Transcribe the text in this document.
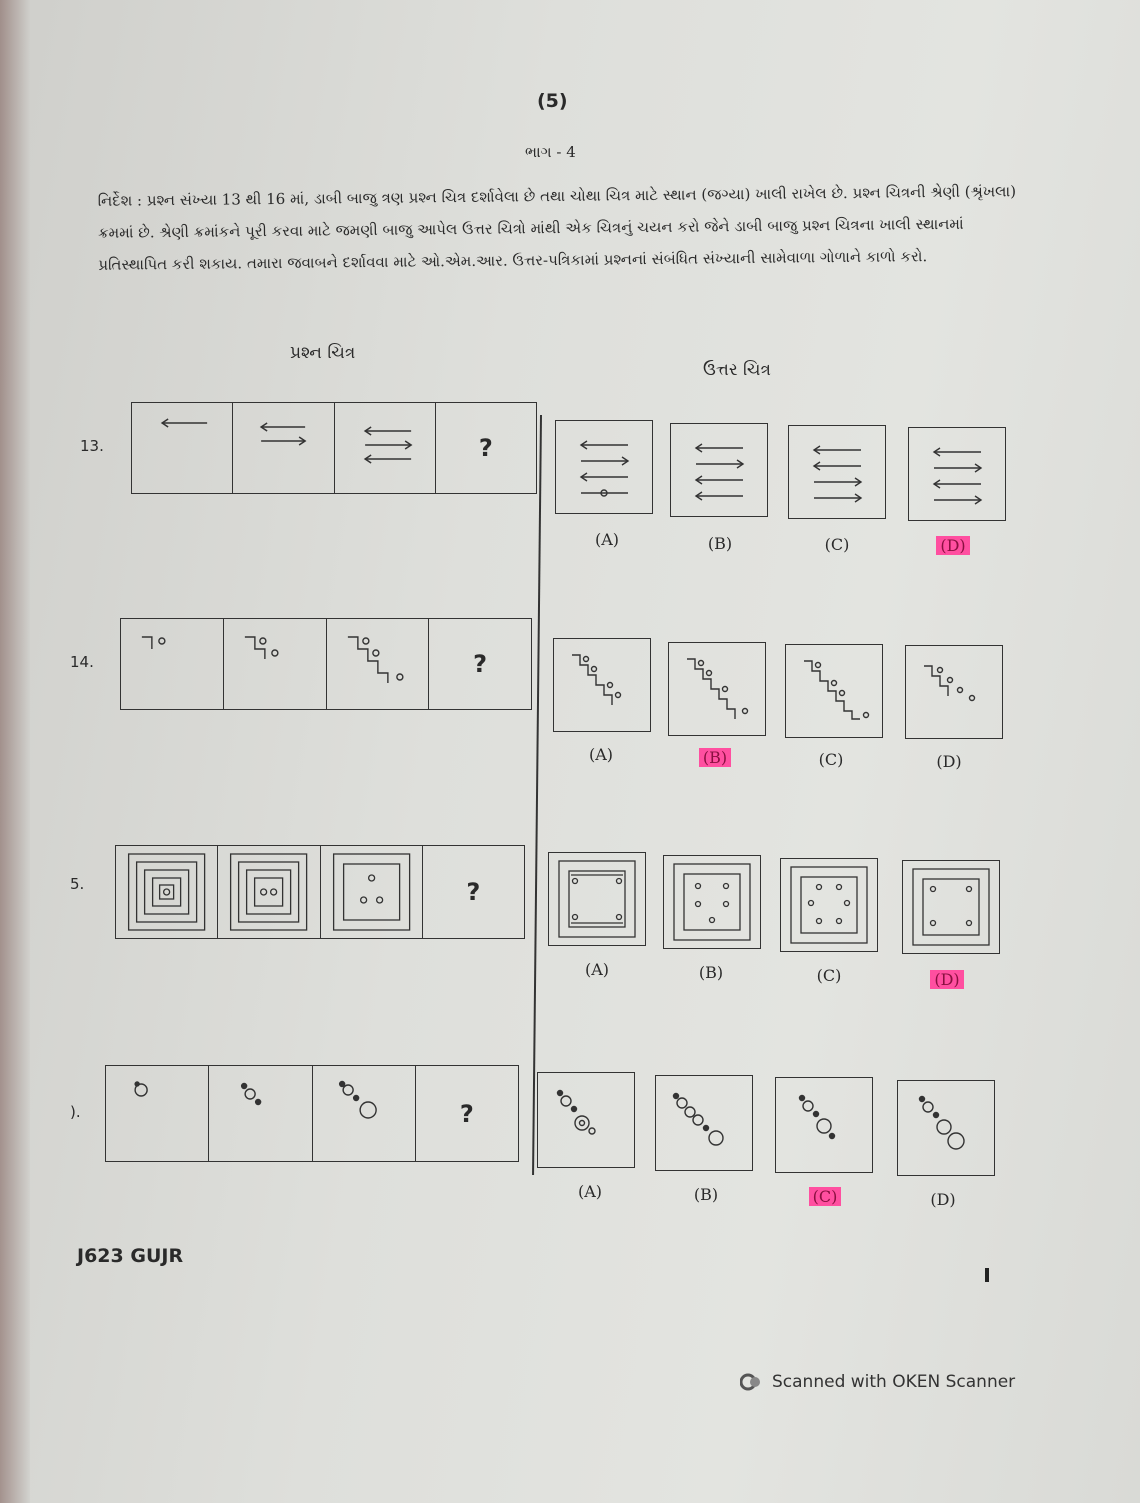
(5)
ભાગ - 4
નિર્દેશ : પ્રશ્ન સંખ્યા 13 થી 16 માં, ડાબી બાજુ ત્રણ પ્રશ્ન ચિત્ર દર્શાવેલા છે તથા ચોથા ચિત્ર માટે સ્થાન (જગ્યા) ખાલી રાખેલ છે. પ્રશ્ન ચિત્રની શ્રેણી (શ્રૃંખલા) ક્રમમાં છે. શ્રેણી ક્રમાંકને પૂરી કરવા માટે જમણી બાજુ આપેલ ઉત્તર ચિત્રો માંથી એક ચિત્રનું ચયન કરો જેને ડાબી બાજુ પ્રશ્ન ચિત્રના ખાલી સ્થાનમાં પ્રતિસ્થાપિત કરી શકાય. તમારા જવાબને દર્શાવવા માટે ઓ.એમ.આર. ઉત્તર-પત્રિકામાં પ્રશ્નનાં સંબંધિત સંખ્યાની સામેવાળા ગોળાને કાળો કરો.
પ્રશ્ન ચિત્ર
ઉત્તર ચિત્ર
13.	?
(A)	(B)	(C)	(D)
14.	?
(A)	(B)	(C)	(D)
5.	?
(A)	(B)	(C)	(D)
).	?
(A)	(B)	(C)	(D)
J623 GUJR
Scanned with OKEN Scanner
